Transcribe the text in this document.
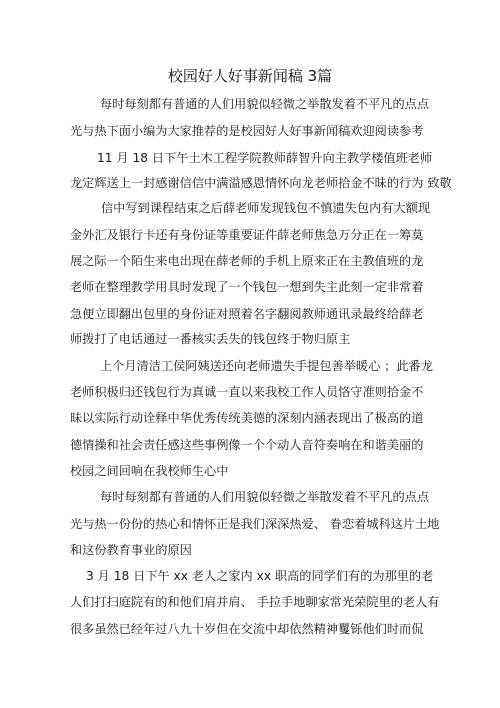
校园好人好事新闻稿 3篇
每时每刻都有普通的人们用貌似轻微之举散发着不平凡的点点
光与热下面小编为大家推荐的是校园好人好事新闻稿欢迎阅读参考
11 月 18 日下午土木工程学院教师薛智升向主教学楼值班老师
龙定辉送上一封感谢信信中满溢感恩情怀向龙老师拾金不昧的行为 致敬
信中写到课程结束之后薛老师发现钱包不慎遗失包内有大额现
金外汇及银行卡还有身份证等重要证件薛老师焦急万分正在一筹莫
展之际一个陌生来电出现在薛老师的手机上原来正在主教值班的龙
老师在整理教学用具时发现了一个钱包一想到失主此刻一定非常着
急便立即翻出包里的身份证对照着名字翻阅教师通讯录最终给薛老
师拨打了电话通过一番核实丢失的钱包终于物归原主
上个月清洁工侯阿姨送还向老师遗失手提包善举暖心 ；此番龙
老师积极归还钱包行为真诚一直以来我校工作人员恪守准则拾金不
昧以实际行动诠释中华优秀传统美德的深刻内涵表现出了极高的道
德情操和社会责任感这些事例像一个个动人音符奏响在和谐美丽的
校园之间回响在我校师生心中
每时每刻都有普通的人们用貌似轻微之举散发着不平凡的点点
光与热一份份的热心和情怀正是我们深深热爱、 眷恋着城科这片土地
和这份教育事业的原因
3 月 18 日下午 xx 老人之家内 xx 职高的同学们有的为那里的老
人们打扫庭院有的和他们肩并肩、 手拉手地聊家常光荣院里的老人有
很多虽然已经年过八九十岁但在交流中却依然精神矍铄他们时而侃
